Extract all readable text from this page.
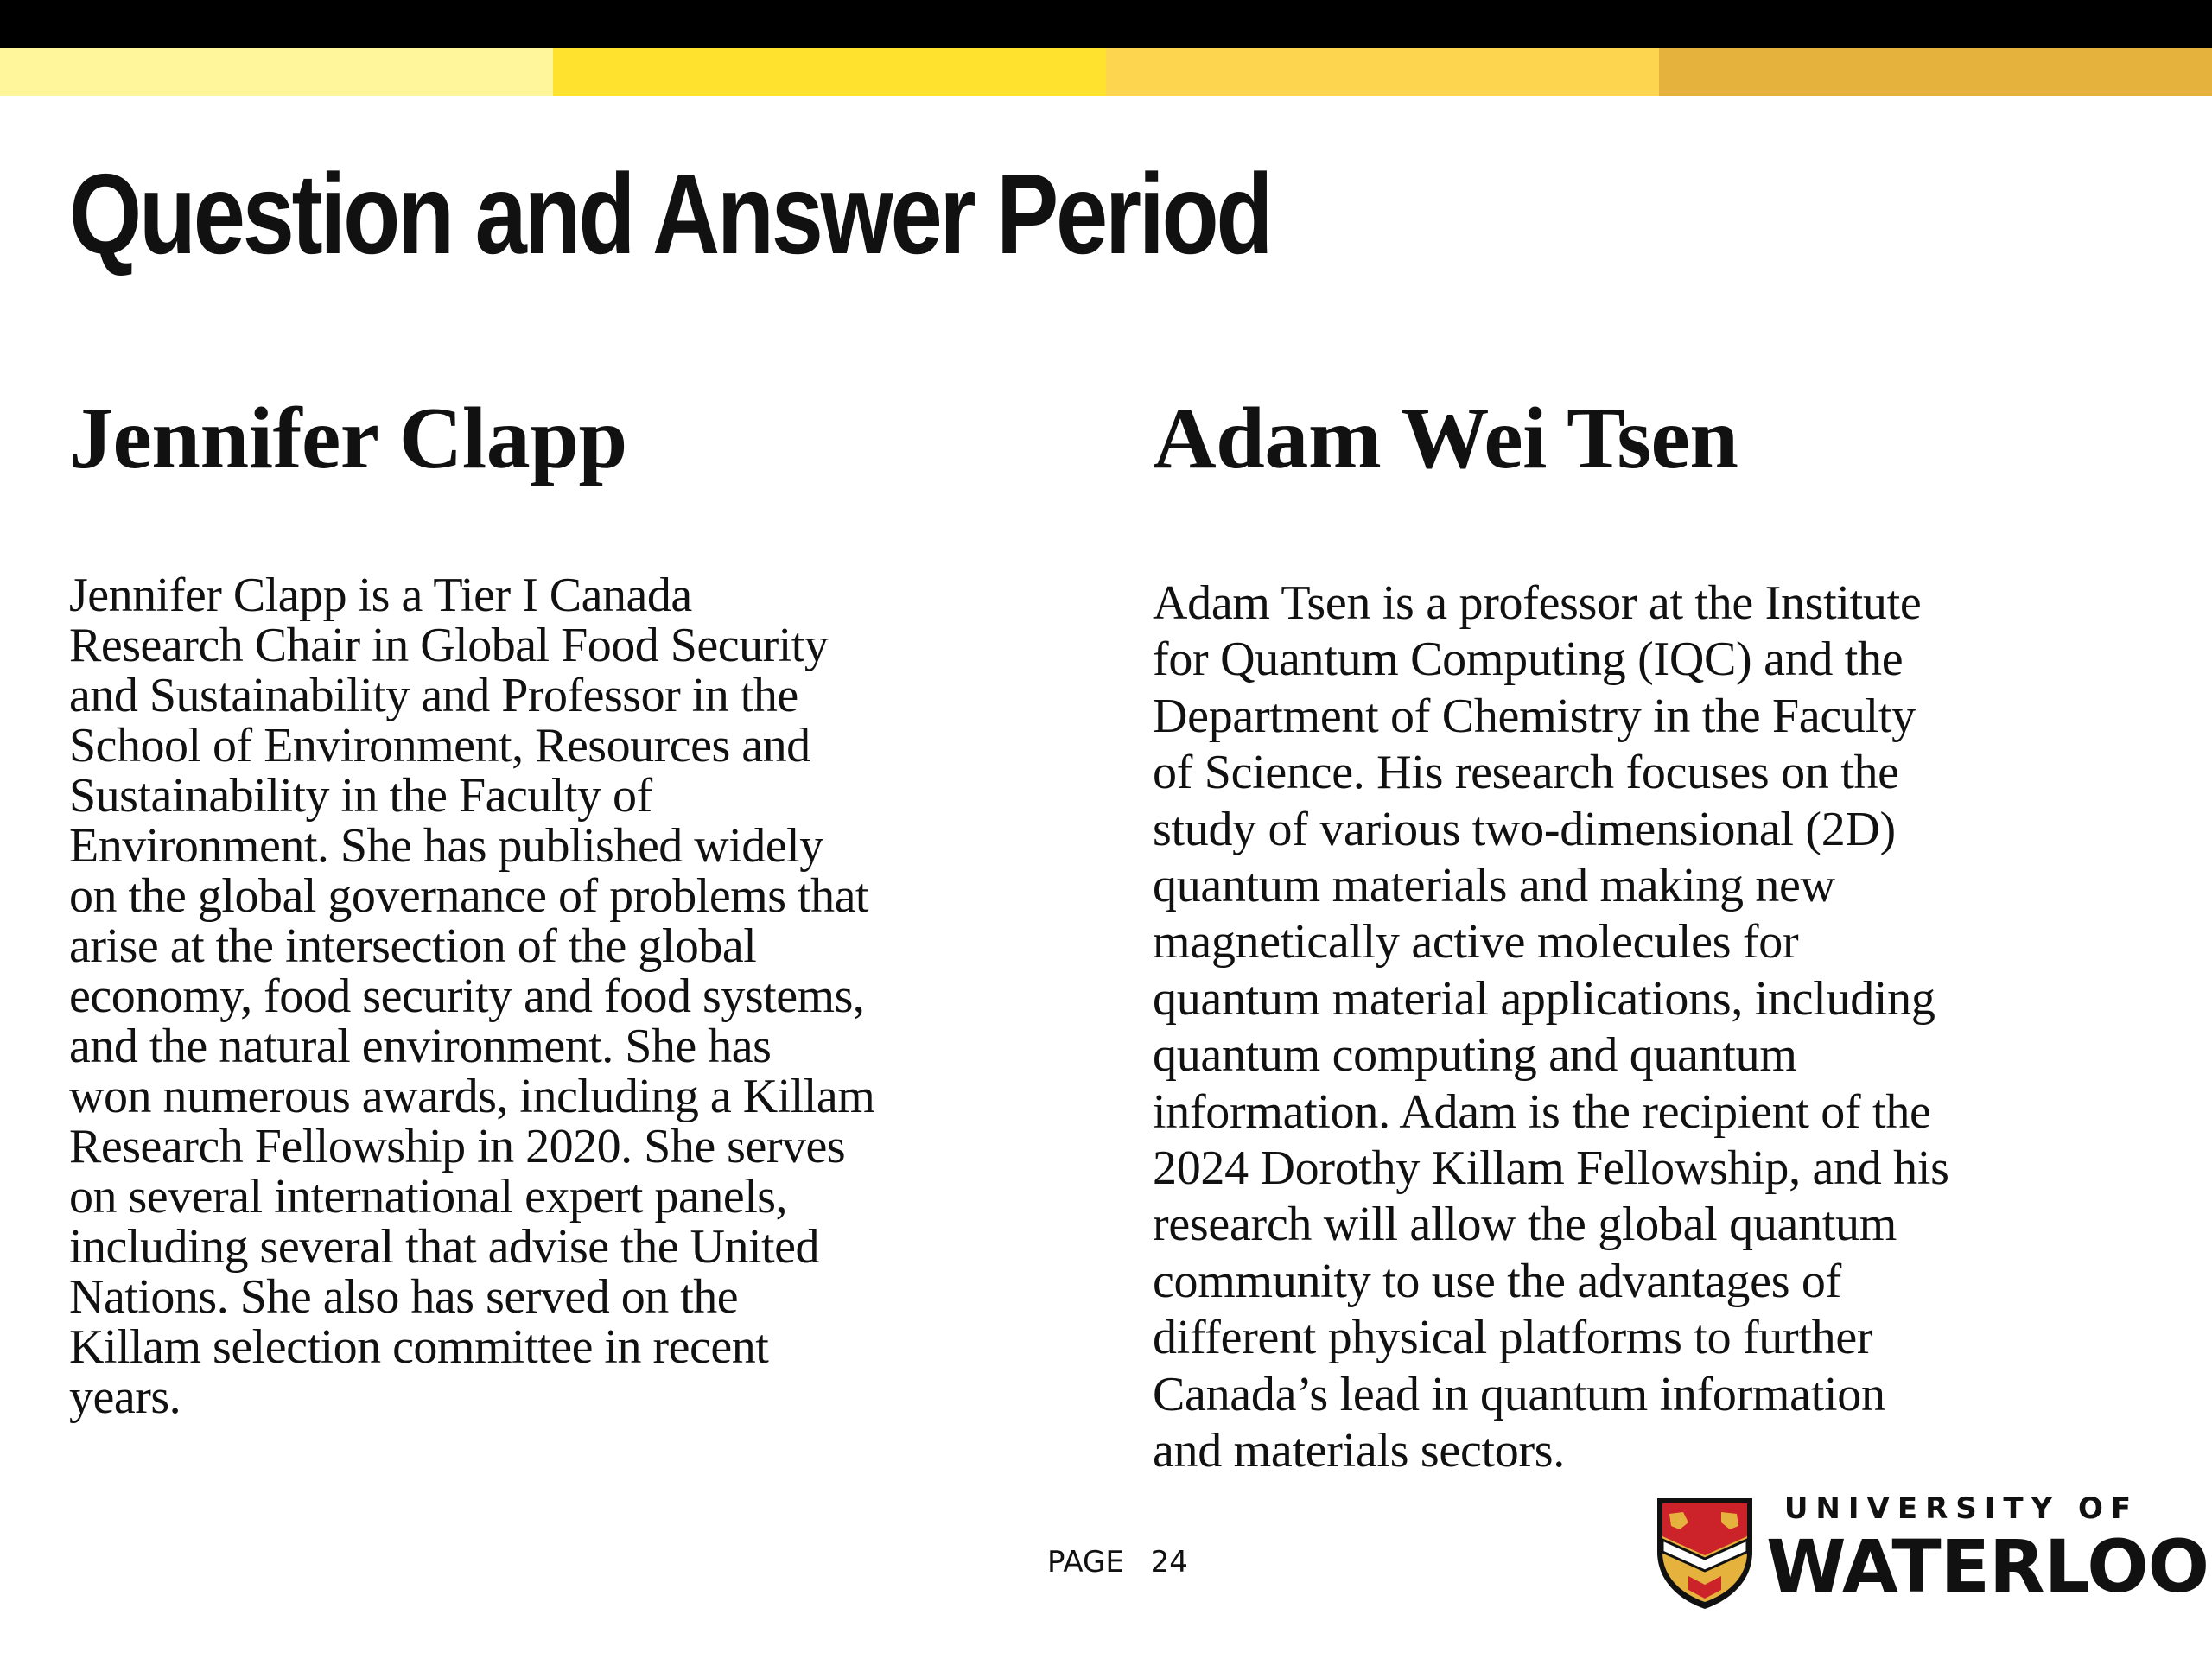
Question and Answer Period
Jennifer Clapp

Jennifer Clapp is a Tier I Canada
Research Chair in Global Food Security
and Sustainability and Professor in the
School of Environment, Resources and
Sustainability in the Faculty of
Environment. She has published widely
on the global governance of problems that
arise at the intersection of the global
economy, food security and food systems,
and the natural environment. She has
won numerous awards, including a Killam
Research Fellowship in 2020. She serves
on several international expert panels,
including several that advise the United
Nations. She also has served on the
Killam selection committee in recent
years.

Adam Wei Tsen

Adam Tsen is a professor at the Institute
for Quantum Computing (IQC) and the
Department of Chemistry in the Faculty
of Science. His research focuses on the
study of various two-dimensional (2D)
quantum materials and making new
magnetically active molecules for
quantum material applications, including
quantum computing and quantum
information. Adam is the recipient of the
2024 Dorothy Killam Fellowship, and his
research will allow the global quantum
community to use the advantages of
different physical platforms to further
Canada’s lead in quantum information
and materials sectors.

PAGE 24
UNIVERSITY OF
WATERLOO
